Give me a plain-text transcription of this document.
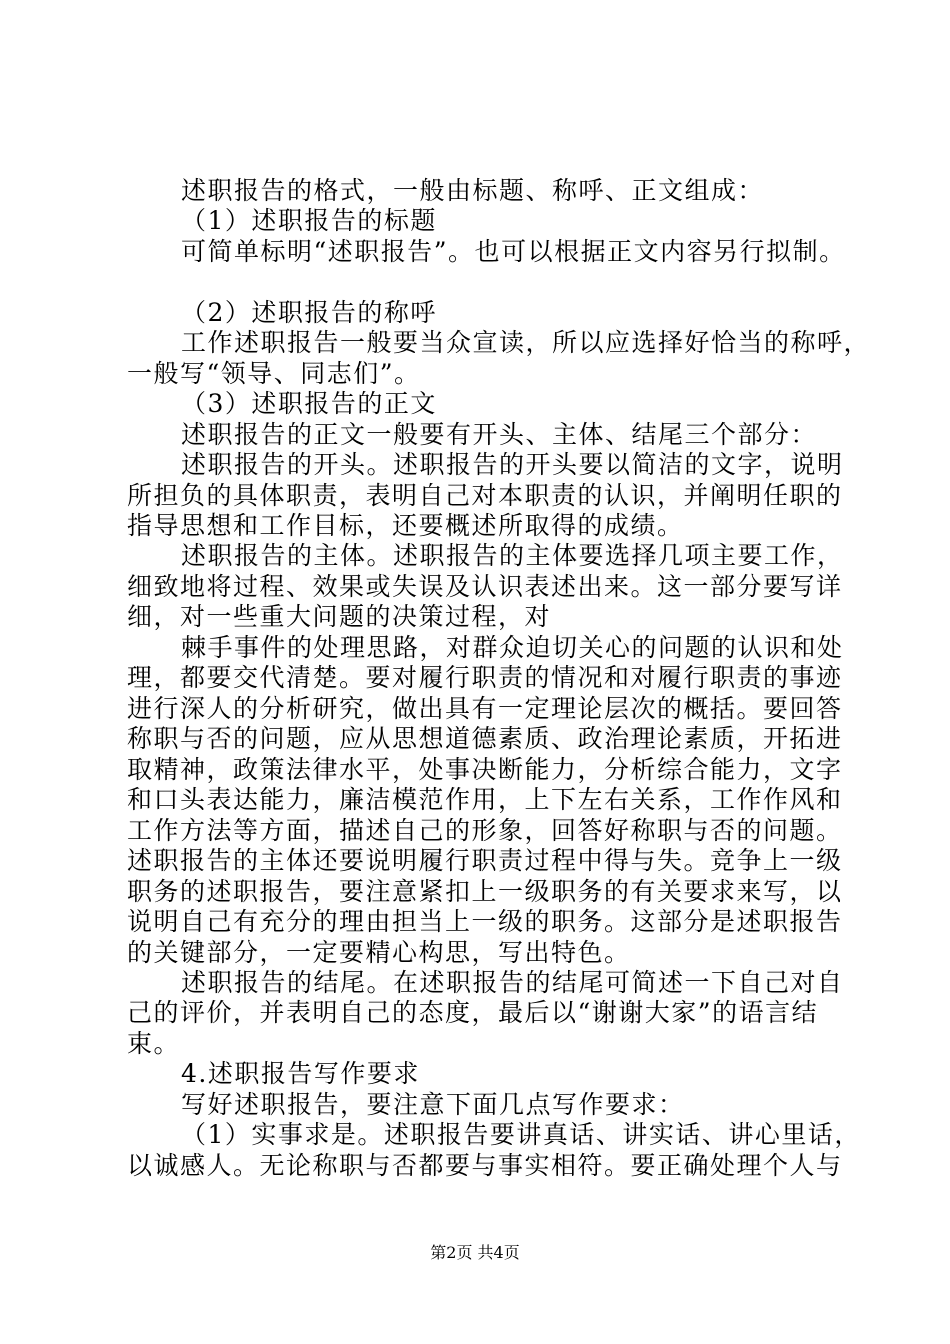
述职报告的格式，一般由标题、称呼、正文组成：
（1）述职报告的标题
可简单标明“述职报告”。也可以根据正文内容另行拟制。
（2）述职报告的称呼
工作述职报告一般要当众宣读，所以应选择好恰当的称呼，
一般写“领导、同志们”。
（3）述职报告的正文
述职报告的正文一般要有开头、主体、结尾三个部分：
述职报告的开头。述职报告的开头要以简洁的文字，说明
所担负的具体职责，表明自己对本职责的认识，并阐明任职的
指导思想和工作目标，还要概述所取得的成绩。
述职报告的主体。述职报告的主体要选择几项主要工作，
细致地将过程、效果或失误及认识表述出来。这一部分要写详
细，对一些重大问题的决策过程，对
棘手事件的处理思路，对群众迫切关心的问题的认识和处
理，都要交代清楚。要对履行职责的情况和对履行职责的事迹
进行深人的分析研究，做出具有一定理论层次的概括。要回答
称职与否的问题，应从思想道德素质、政治理论素质，开拓进
取精神，政策法律水平，处事决断能力，分析综合能力，文字
和口头表达能力，廉洁模范作用，上下左右关系，工作作风和
工作方法等方面，描述自己的形象，回答好称职与否的问题。
述职报告的主体还要说明履行职责过程中得与失。竞争上一级
职务的述职报告，要注意紧扣上一级职务的有关要求来写，以
说明自己有充分的理由担当上一级的职务。这部分是述职报告
的关键部分，一定要精心构思，写出特色。
述职报告的结尾。在述职报告的结尾可简述一下自己对自
己的评价，并表明自己的态度，最后以“谢谢大家”的语言结
束。
4.述职报告写作要求
写好述职报告，要注意下面几点写作要求：
（1）实事求是。述职报告要讲真话、讲实话、讲心里话，
以诚感人。无论称职与否都要与事实相符。要正确处理个人与
第2页 共4页
